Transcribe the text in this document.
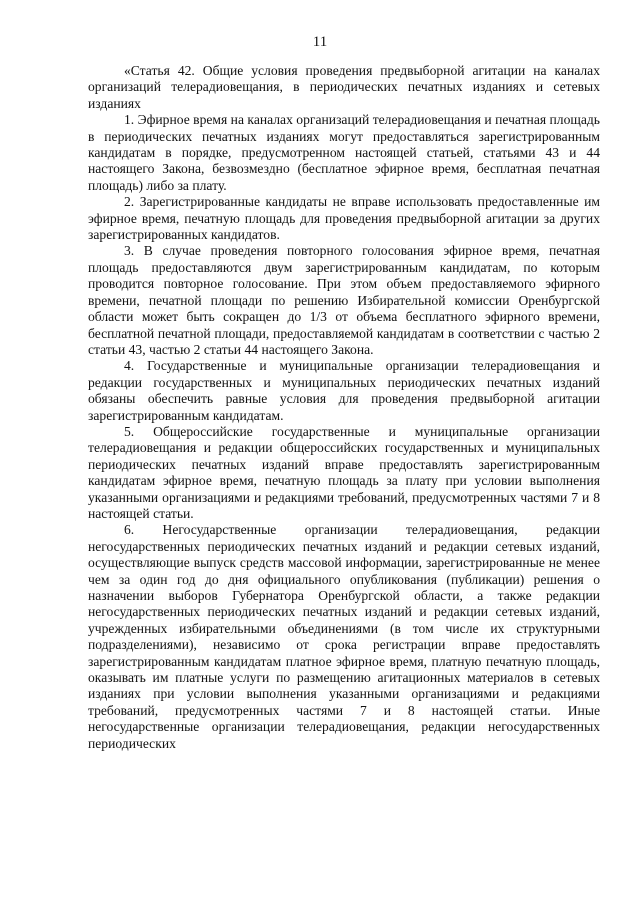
11

«Статья 42. Общие условия проведения предвыборной агитации на каналах организаций телерадиовещания, в периодических печатных изданиях и сетевых изданиях

1. Эфирное время на каналах организаций телерадиовещания и печатная площадь в периодических печатных изданиях могут предоставляться зарегистрированным кандидатам в порядке, предусмотренном настоящей статьей, статьями 43 и 44 настоящего Закона, безвозмездно (бесплатное эфирное время, бесплатная печатная площадь) либо за плату.

2. Зарегистрированные кандидаты не вправе использовать предоставленные им эфирное время, печатную площадь для проведения предвыборной агитации за других зарегистрированных кандидатов.

3. В случае проведения повторного голосования эфирное время, печатная площадь предоставляются двум зарегистрированным кандидатам, по которым проводится повторное голосование. При этом объем предоставляемого эфирного времени, печатной площади по решению Избирательной комиссии Оренбургской области может быть сокращен до 1/3 от объема бесплатного эфирного времени, бесплатной печатной площади, предоставляемой кандидатам в соответствии с частью 2 статьи 43, частью 2 статьи 44 настоящего Закона.

4. Государственные и муниципальные организации телерадиовещания и редакции государственных и муниципальных периодических печатных изданий обязаны обеспечить равные условия для проведения предвыборной агитации зарегистрированным кандидатам.

5. Общероссийские государственные и муниципальные организации телерадиовещания и редакции общероссийских государственных и муниципальных периодических печатных изданий вправе предоставлять зарегистрированным кандидатам эфирное время, печатную площадь за плату при условии выполнения указанными организациями и редакциями требований, предусмотренных частями 7 и 8 настоящей статьи.

6. Негосударственные организации телерадиовещания, редакции негосударственных периодических печатных изданий и редакции сетевых изданий, осуществляющие выпуск средств массовой информации, зарегистрированные не менее чем за один год до дня официального опубликования (публикации) решения о назначении выборов Губернатора Оренбургской области, а также редакции негосударственных периодических печатных изданий и редакции сетевых изданий, учрежденных избирательными объединениями (в том числе их структурными подразделениями), независимо от срока регистрации вправе предоставлять зарегистрированным кандидатам платное эфирное время, платную печатную площадь, оказывать им платные услуги по размещению агитационных материалов в сетевых изданиях при условии выполнения указанными организациями и редакциями требований, предусмотренных частями 7 и 8 настоящей статьи. Иные негосударственные организации телерадиовещания, редакции негосударственных периодических
